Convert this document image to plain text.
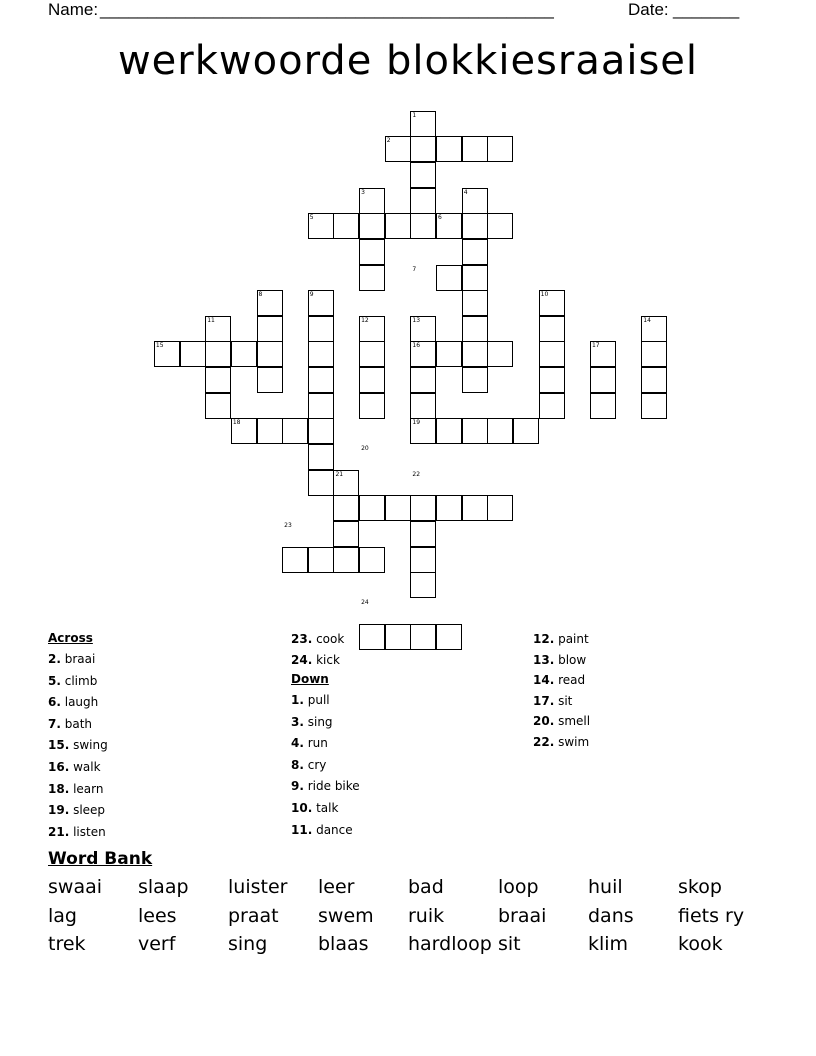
Name: ________________________________________________	Date: _______
werkwoorde blokkiesraaisel
1
2
3	4
5	6
7
8	9	10
11	12	13	14
15	16	17
18	19
20
21	22
23
24
Across
2. braai
5. climb
6. laugh
7. bath
15. swing
16. walk
18. learn
19. sleep
21. listen
23. cook
24. kick
Down
1. pull
3. sing
4. run
8. cry
9. ride bike
10. talk
11. dance
12. paint
13. blow
14. read
17. sit
20. smell
22. swim
Word Bank
swaai slaap luister leer	bad	loop	huil	skop
lag	lees	praat swem ruik	braai dans fiets ry
trek	verf	sing	blaas hardloop sit	klim	kook
